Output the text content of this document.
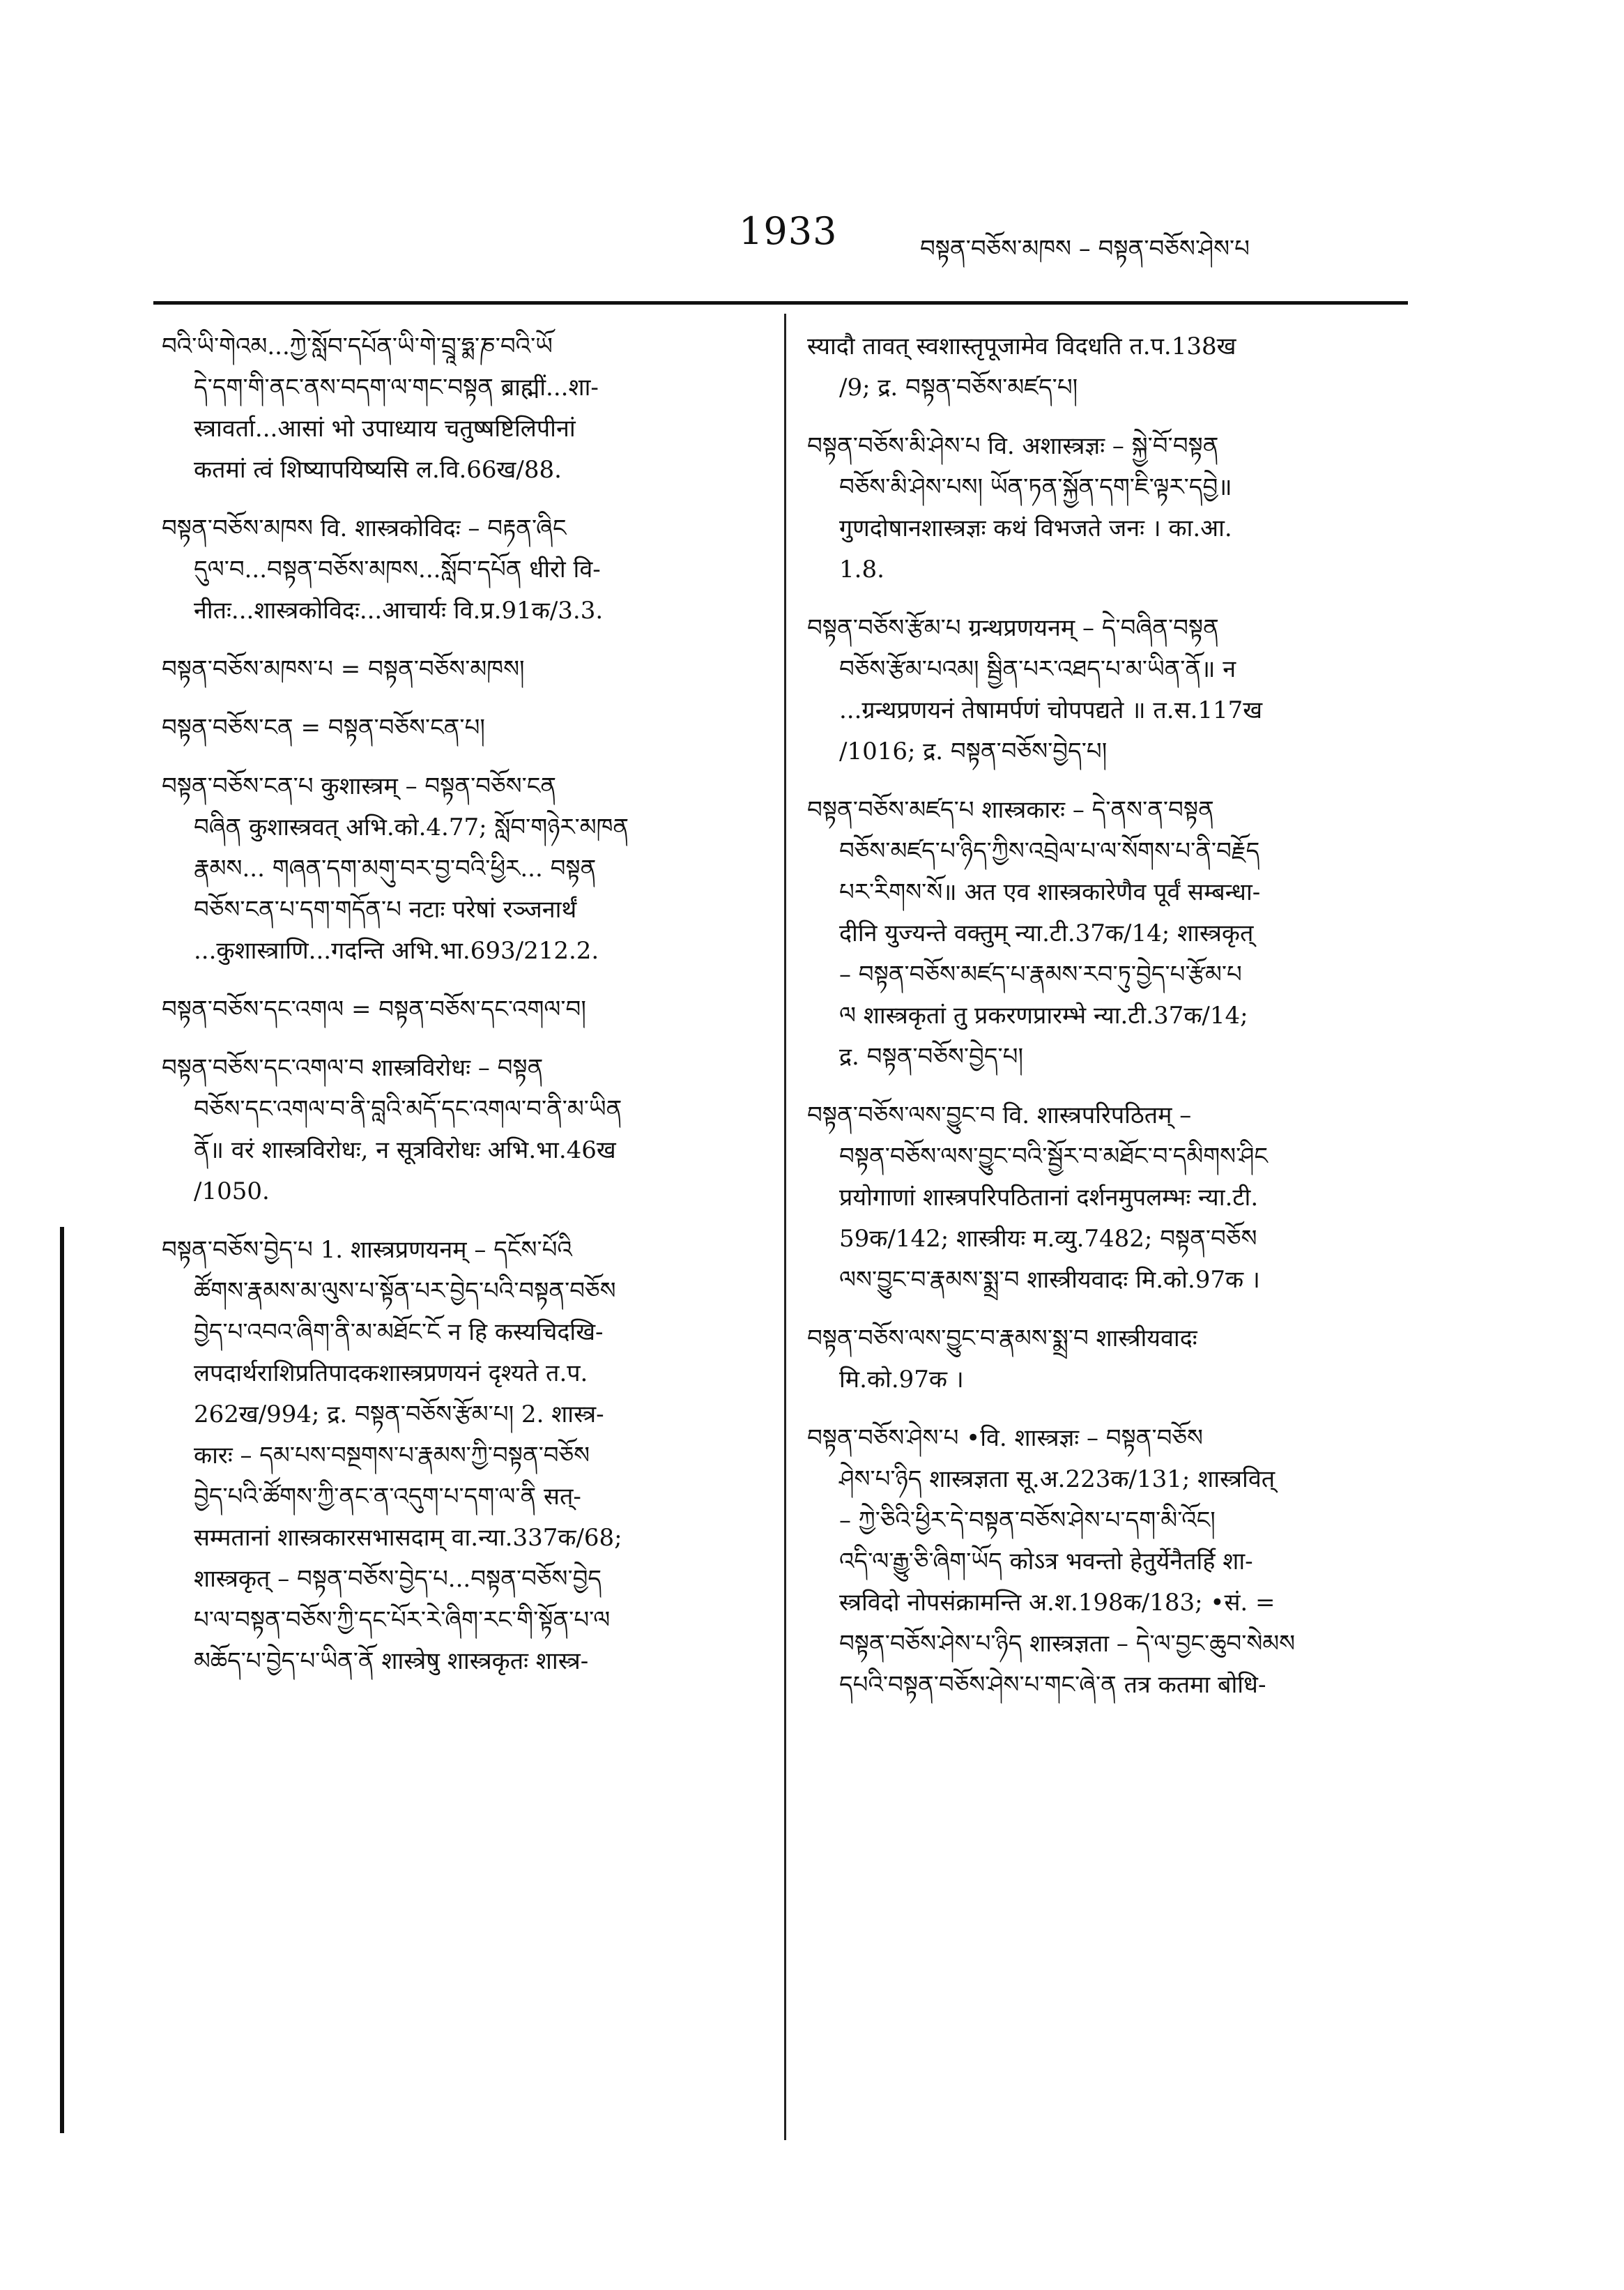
1933	བསྟན་བཅོས་མཁས – བསྟན་བཅོས་ཤེས་པ
བའི་ཡི་གེའམ...ཀྱེ་སློབ་དཔོན་ཡི་གེ་བྲཱ་ཧྨ་ཎ་བའི་ཡོ
དེ་དག་གི་ནང་ནས་བདག་ལ་གང་བསྟན ब्राह्मीं...शा-
स्त्रावर्ता...आसां भो उपाध्याय चतुष्षष्टिलिपीनां
कतमां त्वं शिष्यापयिष्यसि ल.वि.66ख/88.
བསྟན་བཅོས་མཁས वि. शास्त्रकोविदः – བརྟན་ཞིང
དུལ་བ...བསྟན་བཅོས་མཁས...སློབ་དཔོན धीरो वि-
नीतः...शास्त्रकोविदः...आचार्यः वि.प्र.91क/3.3.
བསྟན་བཅོས་མཁས་པ = བསྟན་བཅོས་མཁས།
བསྟན་བཅོས་ངན = བསྟན་བཅོས་ངན་པ།
བསྟན་བཅོས་ངན་པ कुशास्त्रम् – བསྟན་བཅོས་ངན
བཞིན कुशास्त्रवत् अभि.को.4.77; སློབ་གཉེར་མཁན
རྣམས... གཞན་དག་མགུ་བར་བྱ་བའི་ཕྱིར... བསྟན
བཅོས་ངན་པ་དག་གདོན་པ नटाः परेषां रञ्जनार्थं
...कुशास्त्राणि...गदन्ति अभि.भा.693/212.2.
བསྟན་བཅོས་དང་འགལ = བསྟན་བཅོས་དང་འགལ་བ།
བསྟན་བཅོས་དང་འགལ་བ शास्त्रविरोधः – བསྟན
བཅོས་དང་འགལ་བ་ནི་བླའི་མདོ་དང་འགལ་བ་ནི་མ་ཡིན
ནོ॥ वरं शास्त्रविरोधः, न सूत्रविरोधः अभि.भा.46ख
/1050.
བསྟན་བཅོས་བྱེད་པ 1. शास्त्रप्रणयनम् – དངོས་པོའི
ཚོགས་རྣམས་མ་ལུས་པ་སྟོན་པར་བྱེད་པའི་བསྟན་བཅོས
བྱེད་པ་འབའ་ཞིག་ནི་མ་མཐོང་ངོ न हि कस्यचिदखि-
लपदार्थराशिप्रतिपादकशास्त्रप्रणयनं दृश्यते त.प.
262ख/994; द्र. བསྟན་བཅོས་རྩོམ་པ། 2. शास्त्र-
कारः – དམ་པས་བསྔགས་པ་རྣམས་ཀྱི་བསྟན་བཅོས
བྱེད་པའི་ཚོགས་ཀྱི་ནང་ན་འདུག་པ་དག་ལ་ནི सत्-
सम्मतानां शास्त्रकारसभासदाम् वा.न्या.337क/68;
शास्त्रकृत् – བསྟན་བཅོས་བྱེད་པ...བསྟན་བཅོས་བྱེད
པ་ལ་བསྟན་བཅོས་ཀྱི་དང་པོར་རེ་ཞིག་རང་གི་སྟོན་པ་ལ
མཆོད་པ་བྱེད་པ་ཡིན་ནོ शास्त्रेषु शास्त्रकृतः शास्त्र-
स्यादौ तावत् स्वशास्तृपूजामेव विदधति त.प.138ख
/9; द्र. བསྟན་བཅོས་མཛད་པ།
བསྟན་བཅོས་མི་ཤེས་པ वि. अशास्त्रज्ञः – སྐྱེ་བོ་བསྟན
བཅོས་མི་ཤེས་པས། ཡོན་ཏན་སྐྱོན་དག་ཇི་ལྟར་དབྱེ॥
गुणदोषानशास्त्रज्ञः कथं विभजते जनः । का.आ.
1.8.
བསྟན་བཅོས་རྩོམ་པ ग्रन्थप्रणयनम् – དེ་བཞིན་བསྟན
བཅོས་རྩོམ་པའམ། སྦྱིན་པར་འཐད་པ་མ་ཡིན་ནོ॥ न
...ग्रन्थप्रणयनं तेषामर्पणं चोपपद्यते ॥ त.स.117ख
/1016; द्र. བསྟན་བཅོས་བྱེད་པ།
བསྟན་བཅོས་མཛད་པ शास्त्रकारः – དེ་ནས་ན་བསྟན
བཅོས་མཛད་པ་ཉིད་ཀྱིས་འབྲེལ་པ་ལ་སོགས་པ་ནི་བརྗོད
པར་རིགས་སོ॥ अत एव शास्त्रकारेणैव पूर्वं सम्बन्धा-
दीनि युज्यन्ते वक्तुम् न्या.टी.37क/14; शास्त्रकृत्
– བསྟན་བཅོས་མཛད་པ་རྣམས་རབ་ཏུ་བྱེད་པ་རྩོམ་པ
ལ शास्त्रकृतां तु प्रकरणप्रारम्भे न्या.टी.37क/14;
द्र. བསྟན་བཅོས་བྱེད་པ།
བསྟན་བཅོས་ལས་བྱུང་བ वि. शास्त्रपरिपठितम् –
བསྟན་བཅོས་ལས་བྱུང་བའི་སྦྱོར་བ་མཐོང་བ་དམིགས་ཤིང
प्रयोगाणां शास्त्रपरिपठितानां दर्शनमुपलम्भः न्या.टी.
59क/142; शास्त्रीयः म.व्यु.7482; བསྟན་བཅོས
ལས་བྱུང་བ་རྣམས་སྨྲ་བ शास्त्रीयवादः मि.को.97क ।
བསྟན་བཅོས་ལས་བྱུང་བ་རྣམས་སྨྲ་བ शास्त्रीयवादः
मि.को.97क ।
བསྟན་བཅོས་ཤེས་པ •वि. शास्त्रज्ञः – བསྟན་བཅོས
ཤེས་པ་ཉིད शास्त्रज्ञता सू.अ.223क/131; शास्त्रवित्
– ཀྱེ་ཅིའི་ཕྱིར་དེ་བསྟན་བཅོས་ཤེས་པ་དག་མི་འོང།
འདི་ལ་རྒྱུ་ཅི་ཞིག་ཡོད कोऽत्र भवन्तो हेतुर्येनैतर्हि शा-
स्त्रविदो नोपसंक्रामन्ति अ.श.198क/183; •सं. =
བསྟན་བཅོས་ཤེས་པ་ཉིད शास्त्रज्ञता – དེ་ལ་བྱང་ཆུབ་སེམས
དཔའི་བསྟན་བཅོས་ཤེས་པ་གང་ཞེ་ན तत्र कतमा बोधि-
